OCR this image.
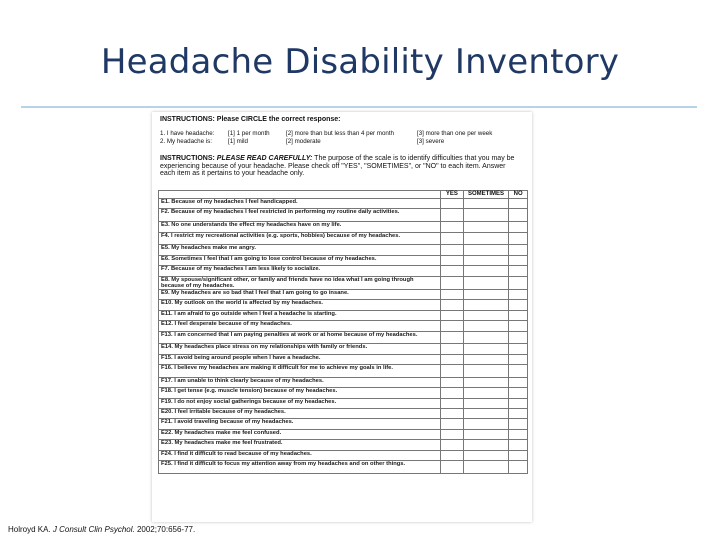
Headache Disability Inventory
INSTRUCTIONS: Please CIRCLE the correct response:
1. I have headache: [1] 1 per month	[2] more than but less than 4 per month	[3] more than one per week
2. My headache is:	[1] mild	[2] moderate	[3] severe
INSTRUCTIONS: PLEASE READ CAREFULLY: The purpose of the scale is to identify difficulties that you may be experiencing because of your headache. Please check off "YES", "SOMETIMES", or "NO" to each item. Answer each item as it pertains to your headache only.
	YES	SOMETIMES	NO
E1. Because of my headaches I feel handicapped.			
F2. Because of my headaches I feel restricted in performing my routine daily activities.			
E3. No one understands the effect my headaches have on my life.			
F4. I restrict my recreational activities (e.g. sports, hobbies) because of my headaches.			
E5. My headaches make me angry.			
E6. Sometimes I feel that I am going to lose control because of my headaches.			
F7. Because of my headaches I am less likely to socialize.			
E8. My spouse/significant other, or family and friends have no idea what I am going through because of my headaches.			
E9. My headaches are so bad that I feel that I am going to go insane.			
E10. My outlook on the world is affected by my headaches.			
E11. I am afraid to go outside when I feel a headache is starting.			
E12. I feel desperate because of my headaches.			
F13. I am concerned that I am paying penalties at work or at home because of my headaches.			
E14. My headaches place stress on my relationships with family or friends.			
F15. I avoid being around people when I have a headache.			
F16. I believe my headaches are making it difficult for me to achieve my goals in life.			
F17. I am unable to think clearly because of my headaches.			
F18. I get tense (e.g. muscle tension) because of my headaches.			
F19. I do not enjoy social gatherings because of my headaches.			
E20. I feel irritable because of my headaches.			
F21. I avoid traveling because of my headaches.			
E22. My headaches make me feel confused.			
E23. My headaches make me feel frustrated.			
F24. I find it difficult to read because of my headaches.			
F25. I find it difficult to focus my attention away from my headaches and on other things.			
Holroyd KA. J Consult Clin Psychol. 2002;70:656-77.
